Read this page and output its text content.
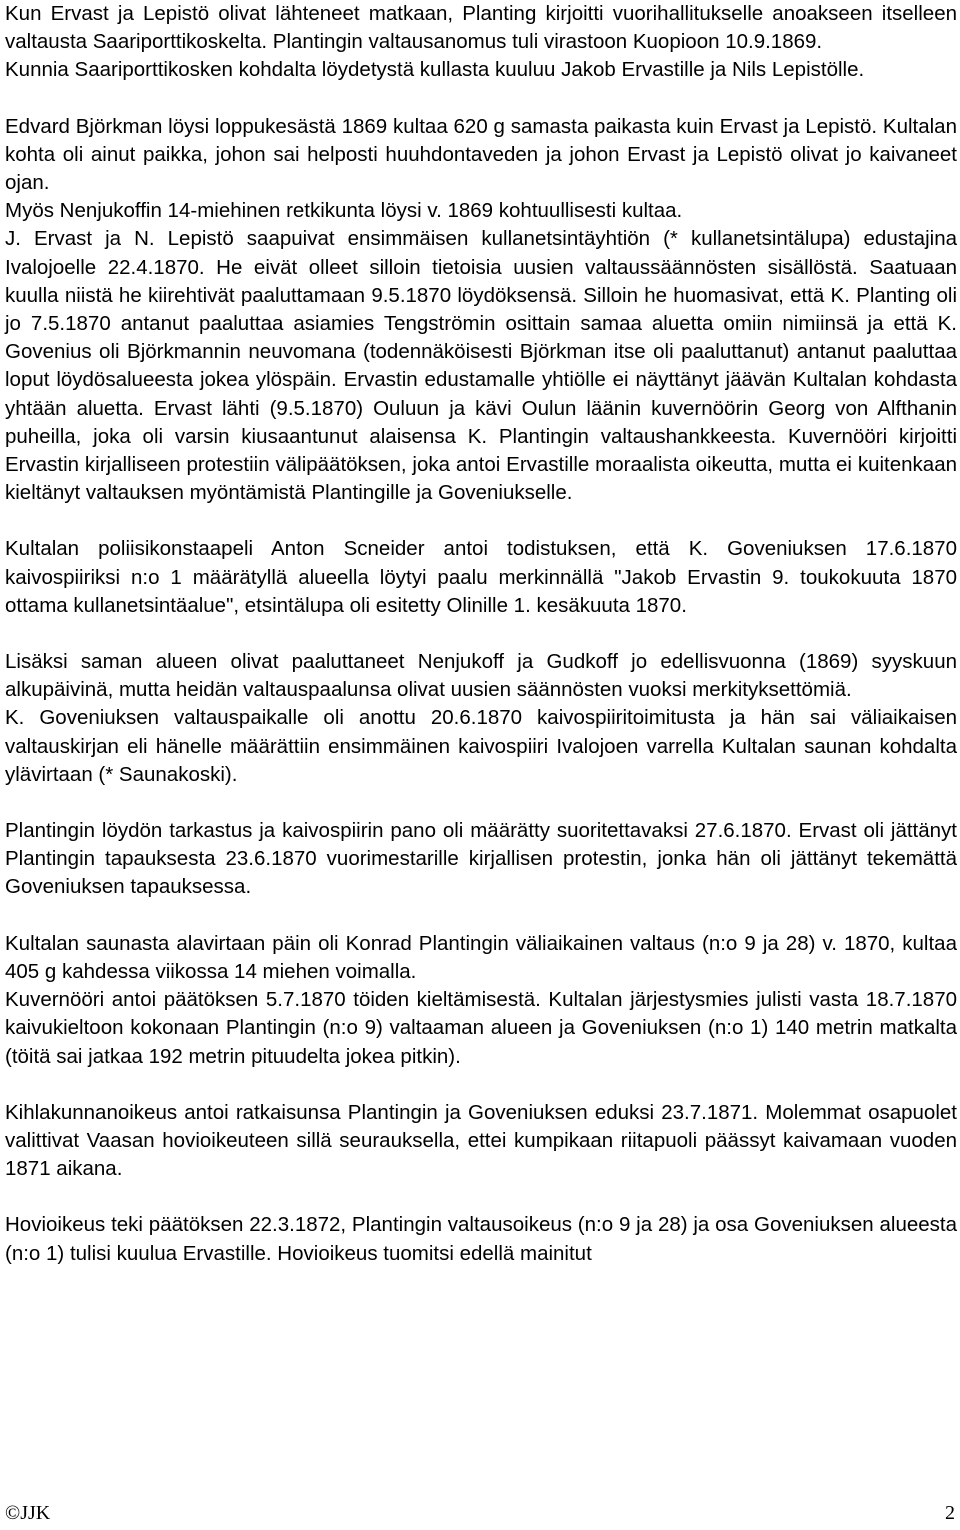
Kun Ervast ja Lepistö olivat lähteneet matkaan, Planting kirjoitti vuorihallitukselle anoakseen itselleen valtausta Saariporttikoskelta. Plantingin valtausanomus tuli virastoon Kuopioon 10.9.1869.

Kunnia Saariporttikosken kohdalta löydetystä kullasta kuuluu Jakob Ervastille ja Nils Lepistölle.

Edvard Björkman löysi loppukesästä 1869 kultaa 620 g samasta paikasta kuin Ervast ja Lepistö. Kultalan kohta oli ainut paikka, johon sai helposti huuhdontaveden ja johon Ervast ja Lepistö olivat jo kaivaneet ojan.

Myös Nenjukoffin 14-miehinen retkikunta löysi v. 1869 kohtuullisesti kultaa.

J. Ervast ja N. Lepistö saapuivat ensimmäisen kullanetsintäyhtiön (* kullanetsintälupa) edustajina Ivalojoelle 22.4.1870. He eivät olleet silloin tietoisia uusien valtaussäännösten sisällöstä. Saatuaan kuulla niistä he kiirehtivät paaluttamaan 9.5.1870 löydöksensä. Silloin he huomasivat, että K. Planting oli jo 7.5.1870 antanut paaluttaa asiamies Tengströmin osittain samaa aluetta omiin nimiinsä ja että K. Govenius oli Björkmannin neuvomana (todennäköisesti Björkman itse oli paaluttanut) antanut paaluttaa loput löydösalueesta jokea ylöspäin. Ervastin edustamalle yhtiölle ei näyttänyt jäävän Kultalan kohdasta yhtään aluetta. Ervast lähti (9.5.1870) Ouluun ja kävi Oulun läänin kuvernöörin Georg von Alfthanin puheilla, joka oli varsin kiusaantunut alaisensa K. Plantingin valtaushankkeesta. Kuvernööri kirjoitti Ervastin kirjalliseen protestiin välipäätöksen, joka antoi Ervastille moraalista oikeutta, mutta ei kuitenkaan kieltänyt valtauksen myöntämistä Plantingille ja Goveniukselle.

Kultalan poliisikonstaapeli Anton Scneider antoi todistuksen, että K. Goveniuksen 17.6.1870 kaivospiiriksi n:o 1 määrätyllä alueella löytyi paalu merkinnällä "Jakob Ervastin 9. toukokuuta 1870 ottama kullanetsintäalue", etsintälupa oli esitetty Olinille 1. kesäkuuta 1870.

Lisäksi saman alueen olivat paaluttaneet Nenjukoff ja Gudkoff jo edellisvuonna (1869) syyskuun alkupäivinä, mutta heidän valtauspaalunsa olivat uusien säännösten vuoksi merkityksettömiä.

K. Goveniuksen valtauspaikalle oli anottu 20.6.1870 kaivospiiritoimitusta ja hän sai väliaikaisen valtauskirjan eli hänelle määrättiin ensimmäinen kaivospiiri Ivalojoen varrella Kultalan saunan kohdalta ylävirtaan (* Saunakoski).

Plantingin löydön tarkastus ja kaivospiirin pano oli määrätty suoritettavaksi 27.6.1870. Ervast oli jättänyt Plantingin tapauksesta 23.6.1870 vuorimestarille kirjallisen protestin, jonka hän oli jättänyt tekemättä Goveniuksen tapauksessa.

Kultalan saunasta alavirtaan päin oli Konrad Plantingin väliaikainen valtaus (n:o 9 ja 28) v. 1870, kultaa 405 g kahdessa viikossa 14 miehen voimalla.

Kuvernööri antoi päätöksen 5.7.1870 töiden kieltämisestä. Kultalan järjestysmies julisti vasta 18.7.1870 kaivukieltoon kokonaan Plantingin (n:o 9) valtaaman alueen ja Goveniuksen (n:o 1) 140 metrin matkalta (töitä sai jatkaa 192 metrin pituudelta jokea pitkin).

Kihlakunnanoikeus antoi ratkaisunsa Plantingin ja Goveniuksen eduksi 23.7.1871. Molemmat osapuolet valittivat Vaasan hovioikeuteen sillä seurauksella, ettei kumpikaan riitapuoli päässyt kaivamaan vuoden 1871 aikana.

Hovioikeus teki päätöksen 22.3.1872, Plantingin valtausoikeus (n:o 9 ja 28) ja osa Goveniuksen alueesta (n:o 1) tulisi kuulua Ervastille. Hovioikeus tuomitsi edellä mainitut

©JJK	2
